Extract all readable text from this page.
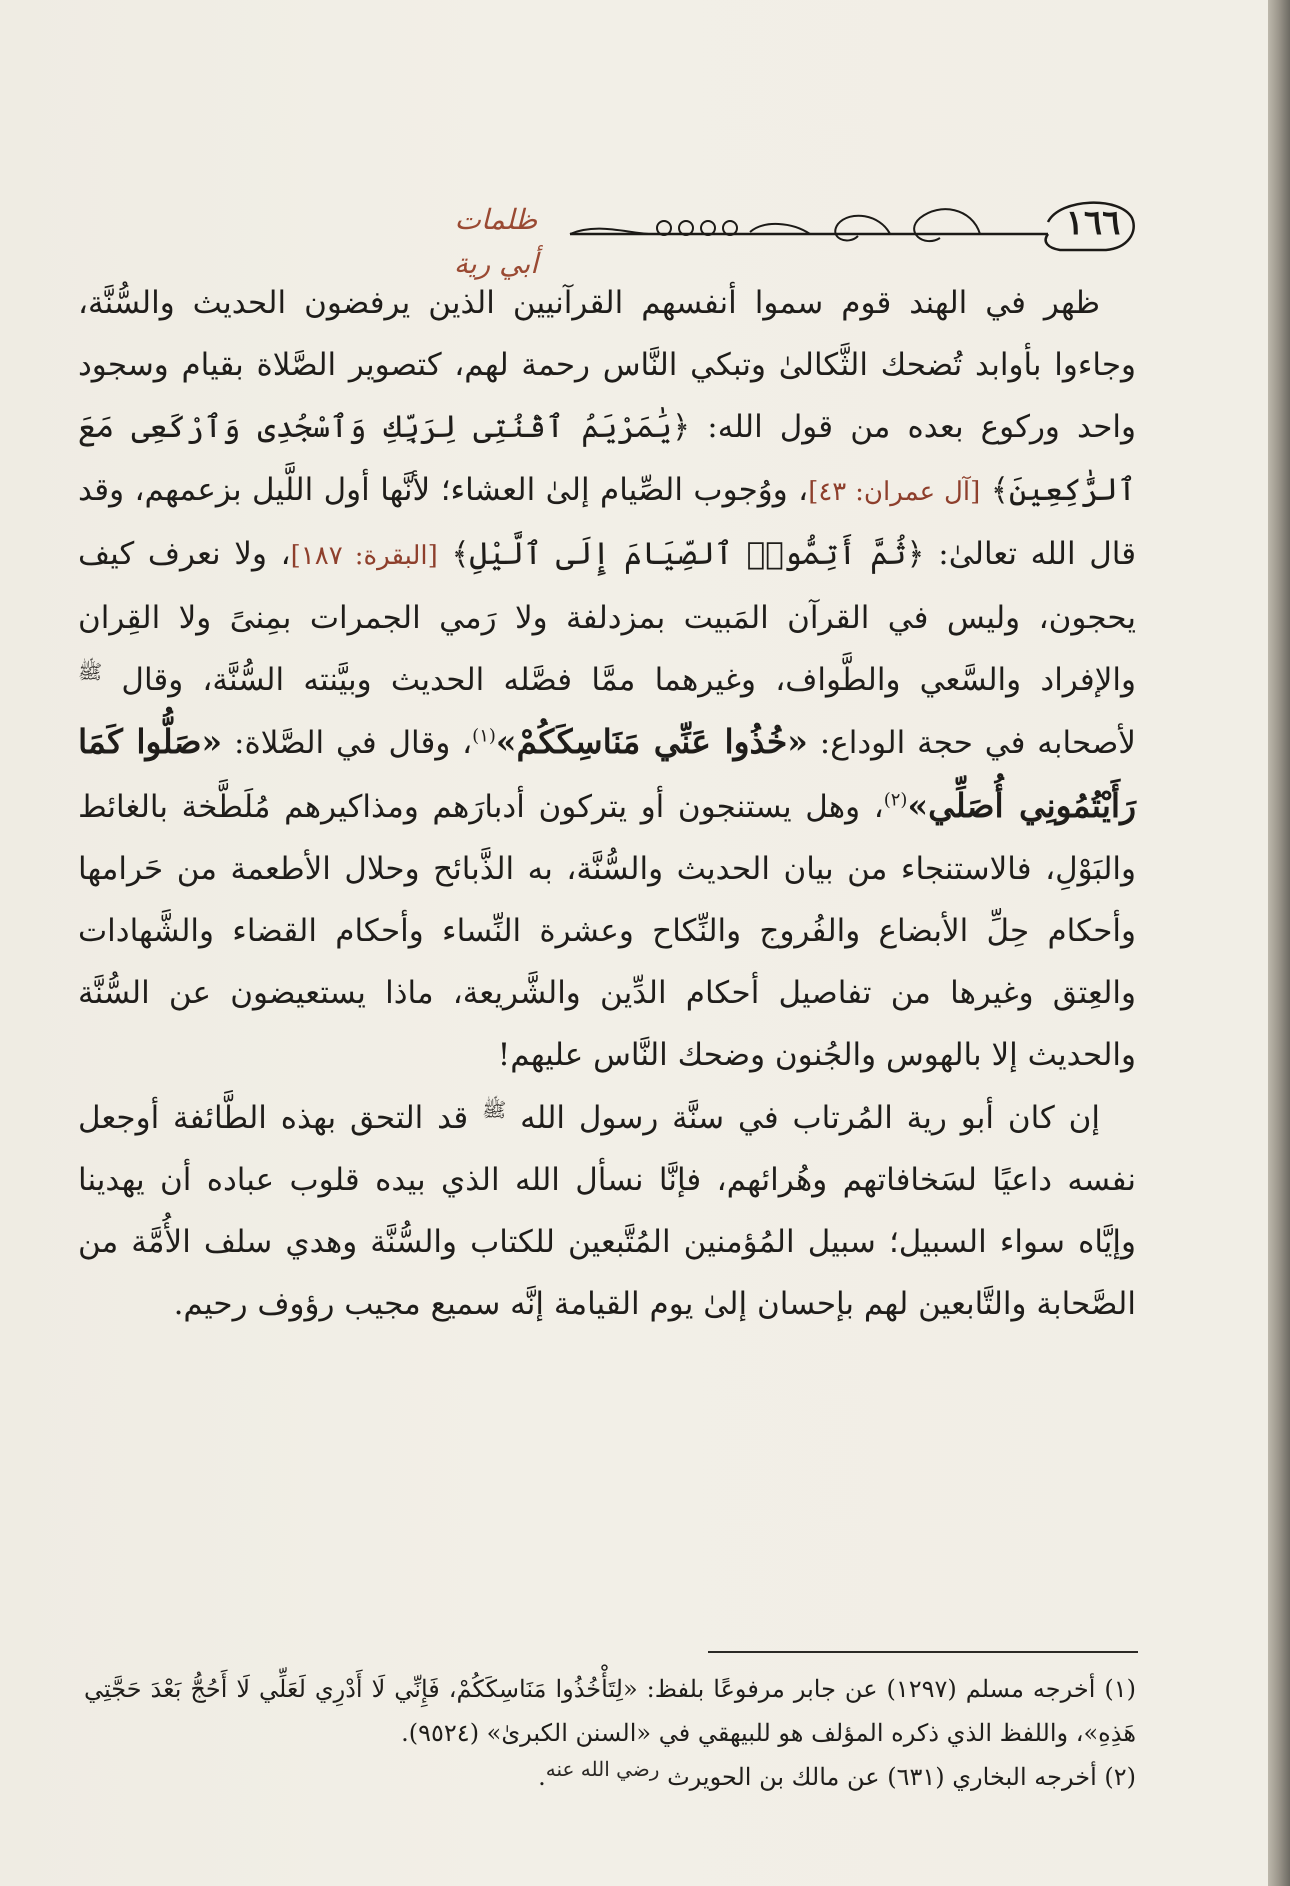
١٦٦
ظلمات أبي رية

ظهر في الهند قوم سموا أنفسهم القرآنيين الذين يرفضون الحديث والسُّنَّة، وجاءوا بأوابد تُضحك الثَّكالىٰ وتبكي النَّاس رحمة لهم، كتصوير الصَّلاة بقيام وسجود واحد وركوع بعده من قول الله: ﴿يَٰمَرْيَمُ ٱقْنُتِى لِرَبِّكِ وَٱسْجُدِى وَٱرْكَعِى مَعَ ٱلرَّٰكِعِينَ﴾ [آل عمران: ٤٣]، ووُجوب الصِّيام إلىٰ العشاء؛ لأنَّها أول اللَّيل بزعمهم، وقد قال الله تعالىٰ: ﴿ثُمَّ أَتِمُّوا۟ ٱلصِّيَامَ إِلَى ٱلَّيْلِ﴾ [البقرة: ١٨٧]، ولا نعرف كيف يحجون، وليس في القرآن المَبيت بمزدلفة ولا رَمي الجمرات بمِنىً ولا القِران والإفراد والسَّعي والطَّواف، وغيرهما ممَّا فصَّله الحديث وبيَّنته السُّنَّة، وقال $^ﷺ$ لأصحابه في حجة الوداع: «خُذُوا عَنِّي مَنَاسِكَكُمْ»$^{(١)}$، وقال في الصَّلاة: «صَلُّوا كَمَا رَأَيْتُمُونِي أُصَلِّي»$^{(٢)}$، وهل يستنجون أو يتركون أدبارَهم ومذاكيرهم مُلَطَّخة بالغائط والبَوْلِ، فالاستنجاء من بيان الحديث والسُّنَّة، به الذَّبائح وحلال الأطعمة من حَرامها وأحكام حِلِّ الأبضاع والفُروج والنِّكاح وعشرة النِّساء وأحكام القضاء والشَّهادات والعِتق وغيرها من تفاصيل أحكام الدِّين والشَّريعة، ماذا يستعيضون عن السُّنَّة والحديث إلا بالهوس والجُنون وضحك النَّاس عليهم!

إن كان أبو رية المُرتاب في سنَّة رسول الله $^ﷺ$ قد التحق بهذه الطَّائفة أوجعل نفسه داعيًا لسَخافاتهم وهُرائهم، فإنَّا نسأل الله الذي بيده قلوب عباده أن يهدينا وإيَّاه سواء السبيل؛ سبيل المُؤمنين المُتَّبعين للكتاب والسُّنَّة وهدي سلف الأُمَّة من الصَّحابة والتَّابعين لهم بإحسان إلىٰ يوم القيامة إنَّه سميع مجيب رؤوف رحيم.

(١) أخرجه مسلم (١٢٩٧) عن جابر مرفوعًا بلفظ: «لِتَأْخُذُوا مَنَاسِكَكُمْ، فَإِنِّي لَا أَدْرِي لَعَلِّي لَا أَحُجُّ بَعْدَ حَجَّتِي هَذِهِ»، واللفظ الذي ذكره المؤلف هو للبيهقي في «السنن الكبرىٰ» (٩٥٢٤).

(٢) أخرجه البخاري (٦٣١) عن مالك بن الحويرث $^{رضي الله عنه}$.
